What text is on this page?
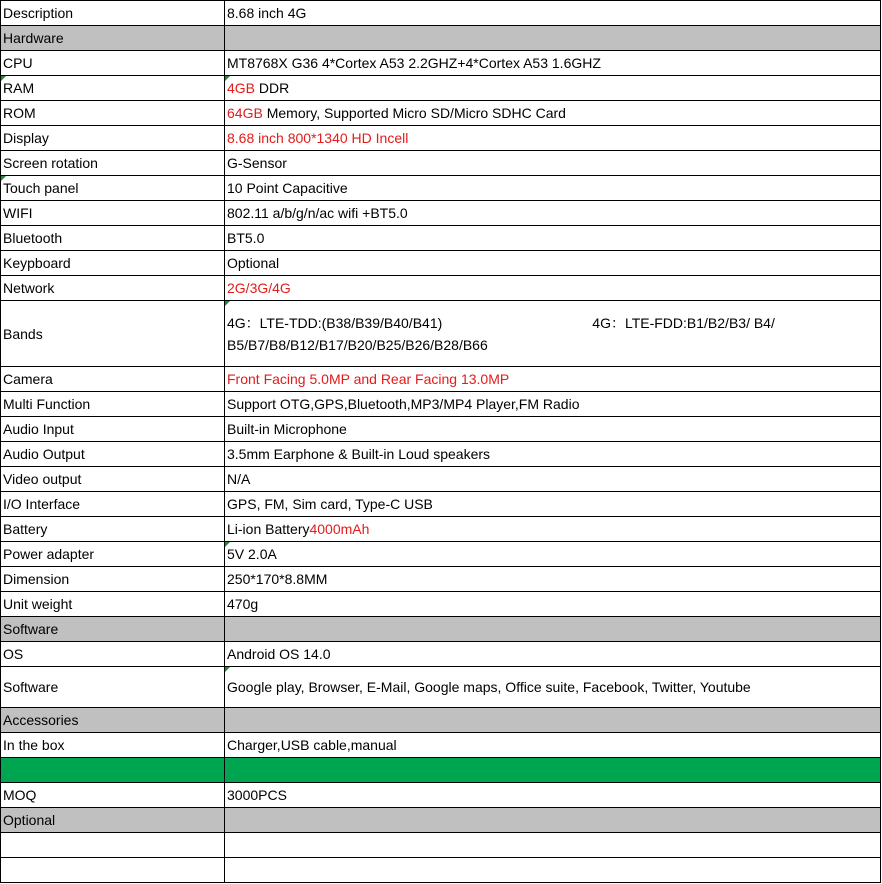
Description	8.68 inch 4G
Hardware	
CPU	MT8768X G36 4*Cortex A53 2.2GHZ+4*Cortex A53 1.6GHZ

RAM	4GB DDR
ROM	64GB Memory, Supported Micro SD/Micro SDHC Card
Display	8.68 inch 800*1340 HD Incell
Screen rotation	G-Sensor

Touch panel	10 Point Capacitive
WIFI	802.11 a/b/g/n/ac wifi +BT5.0
Bluetooth	BT5.0
Keypboard	Optional
Network	2G/3G/4G
Bands	4G：LTE-TDD:(B38/B39/B40/B41) 4G：LTE-FDD:B1/B2/B3/ B4/
B5/B7/B8/B12/B17/B20/B25/B26/B28/B66
Camera	Front Facing 5.0MP and Rear Facing 13.0MP
Multi Function	Support OTG,GPS,Bluetooth,MP3/MP4 Player,FM Radio
Audio Input	Built-in Microphone
Audio Output	3.5mm Earphone & Built-in Loud speakers
Video output	N/A
I/O Interface	GPS, FM, Sim card, Type-C USB
Battery	Li-ion Battery4000mAh
Power adapter	5V 2.0A
Dimension	250*170*8.8MM
Unit weight	470g
Software	
OS	Android OS 14.0
Software	Google play, Browser, E-Mail, Google maps, Office suite, Facebook, Twitter, Youtube
Accessories	
In the box	Charger,USB cable,manual

MOQ	3000PCS
Optional	
